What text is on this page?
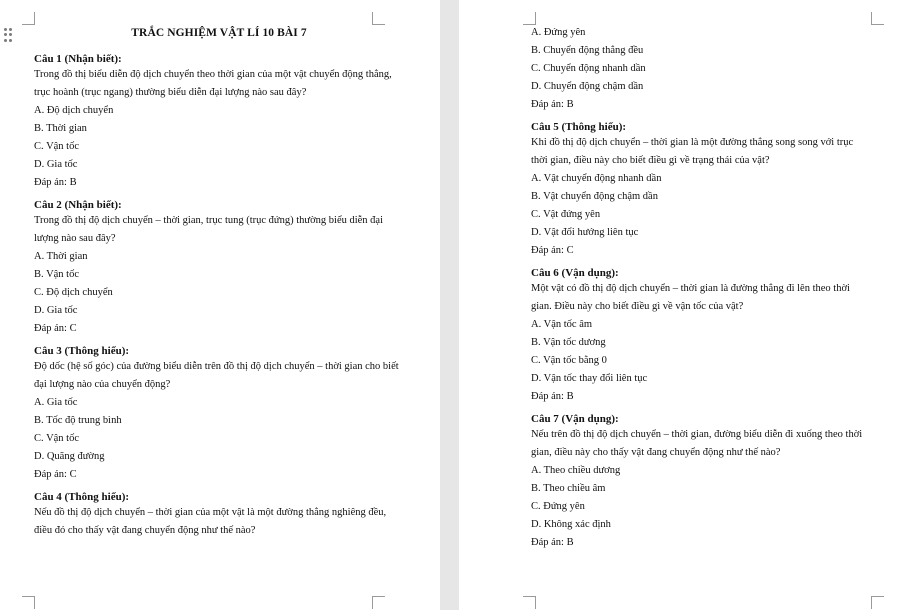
TRẮC NGHIỆM VẬT LÍ 10 BÀI 7
Câu 1 (Nhận biết):
Trong đồ thị biểu diễn độ dịch chuyển theo thời gian của một vật chuyển động thẳng, trục hoành (trục ngang) thường biểu diễn đại lượng nào sau đây?
A. Độ dịch chuyển
B. Thời gian
C. Vận tốc
D. Gia tốc
Đáp án: B
Câu 2 (Nhận biết):
Trong đồ thị độ dịch chuyển – thời gian, trục tung (trục đứng) thường biểu diễn đại lượng nào sau đây?
A. Thời gian
B. Vận tốc
C. Độ dịch chuyển
D. Gia tốc
Đáp án: C
Câu 3 (Thông hiểu):
Độ dốc (hệ số góc) của đường biểu diễn trên đồ thị độ dịch chuyển – thời gian cho biết đại lượng nào của chuyển động?
A. Gia tốc
B. Tốc độ trung bình
C. Vận tốc
D. Quãng đường
Đáp án: C
Câu 4 (Thông hiểu):
Nếu đồ thị độ dịch chuyển – thời gian của một vật là một đường thẳng nghiêng đều, điều đó cho thấy vật đang chuyển động như thế nào?
A. Đứng yên
B. Chuyển động thẳng đều
C. Chuyển động nhanh dần
D. Chuyển động chậm dần
Đáp án: B
Câu 5 (Thông hiểu):
Khi đồ thị độ dịch chuyển – thời gian là một đường thẳng song song với trục thời gian, điều này cho biết điều gì về trạng thái của vật?
A. Vật chuyển động nhanh dần
B. Vật chuyển động chậm dần
C. Vật đứng yên
D. Vật đổi hướng liên tục
Đáp án: C
Câu 6 (Vận dụng):
Một vật có đồ thị độ dịch chuyển – thời gian là đường thẳng đi lên theo thời gian. Điều này cho biết điều gì về vận tốc của vật?
A. Vận tốc âm
B. Vận tốc dương
C. Vận tốc bằng 0
D. Vận tốc thay đổi liên tục
Đáp án: B
Câu 7 (Vận dụng):
Nếu trên đồ thị độ dịch chuyển – thời gian, đường biểu diễn đi xuống theo thời gian, điều này cho thấy vật đang chuyển động như thế nào?
A. Theo chiều dương
B. Theo chiều âm
C. Đứng yên
D. Không xác định
Đáp án: B
